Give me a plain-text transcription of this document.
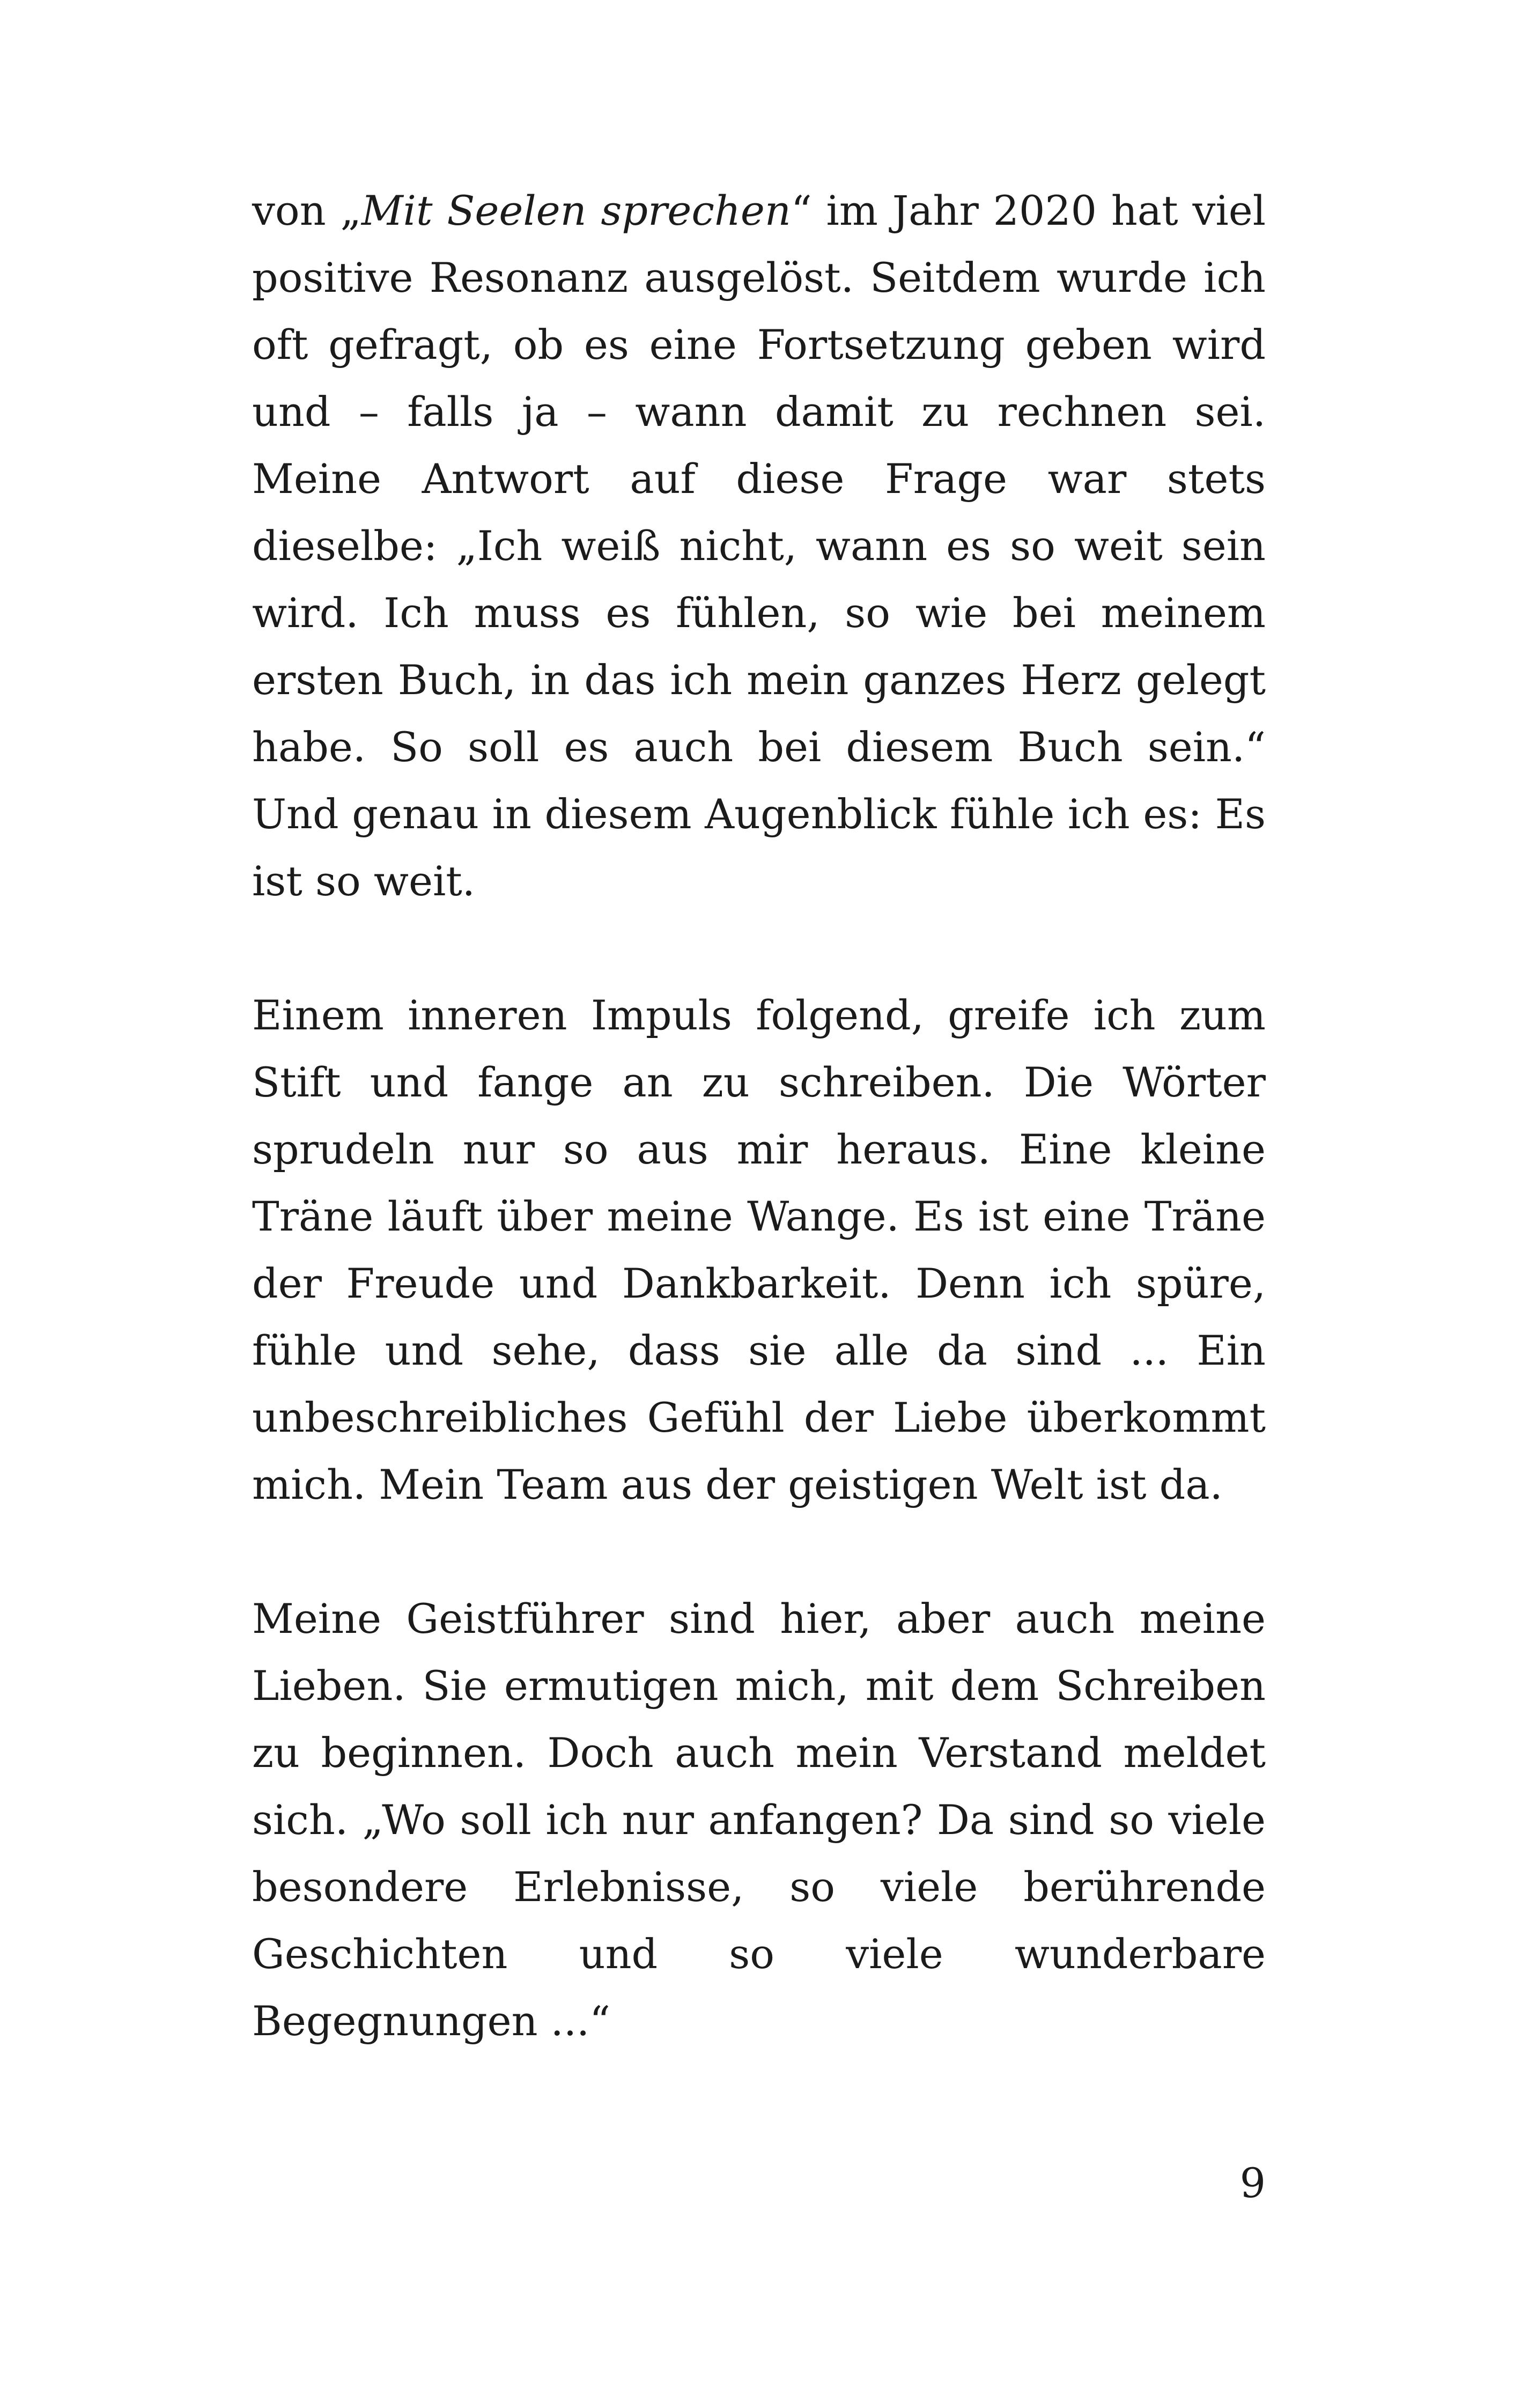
von „Mit Seelen sprechen“ im Jahr 2020 hat viel positive Resonanz ausgelöst. Seitdem wurde ich oft gefragt, ob es eine Fortsetzung geben wird und – falls ja – wann damit zu rechnen sei. Meine Antwort auf diese Frage war stets dieselbe: „Ich weiß nicht, wann es so weit sein wird. Ich muss es fühlen, so wie bei meinem ersten Buch, in das ich mein ganzes Herz gelegt habe. So soll es auch bei diesem Buch sein.“ Und genau in diesem Augenblick fühle ich es: Es ist so weit.

Einem inneren Impuls folgend, greife ich zum Stift und fange an zu schreiben. Die Wörter sprudeln nur so aus mir heraus. Eine kleine Träne läuft über meine Wange. Es ist eine Träne der Freude und Dankbarkeit. Denn ich spüre, fühle und sehe, dass sie alle da sind ... Ein unbeschreibliches Gefühl der Liebe überkommt mich. Mein Team aus der geistigen Welt ist da.

Meine Geistführer sind hier, aber auch meine Lieben. Sie ermutigen mich, mit dem Schreiben zu beginnen. Doch auch mein Verstand meldet sich. „Wo soll ich nur anfangen? Da sind so viele besondere Erlebnisse, so viele berührende Geschichten und so viele wunderbare Begegnungen ...“

9
